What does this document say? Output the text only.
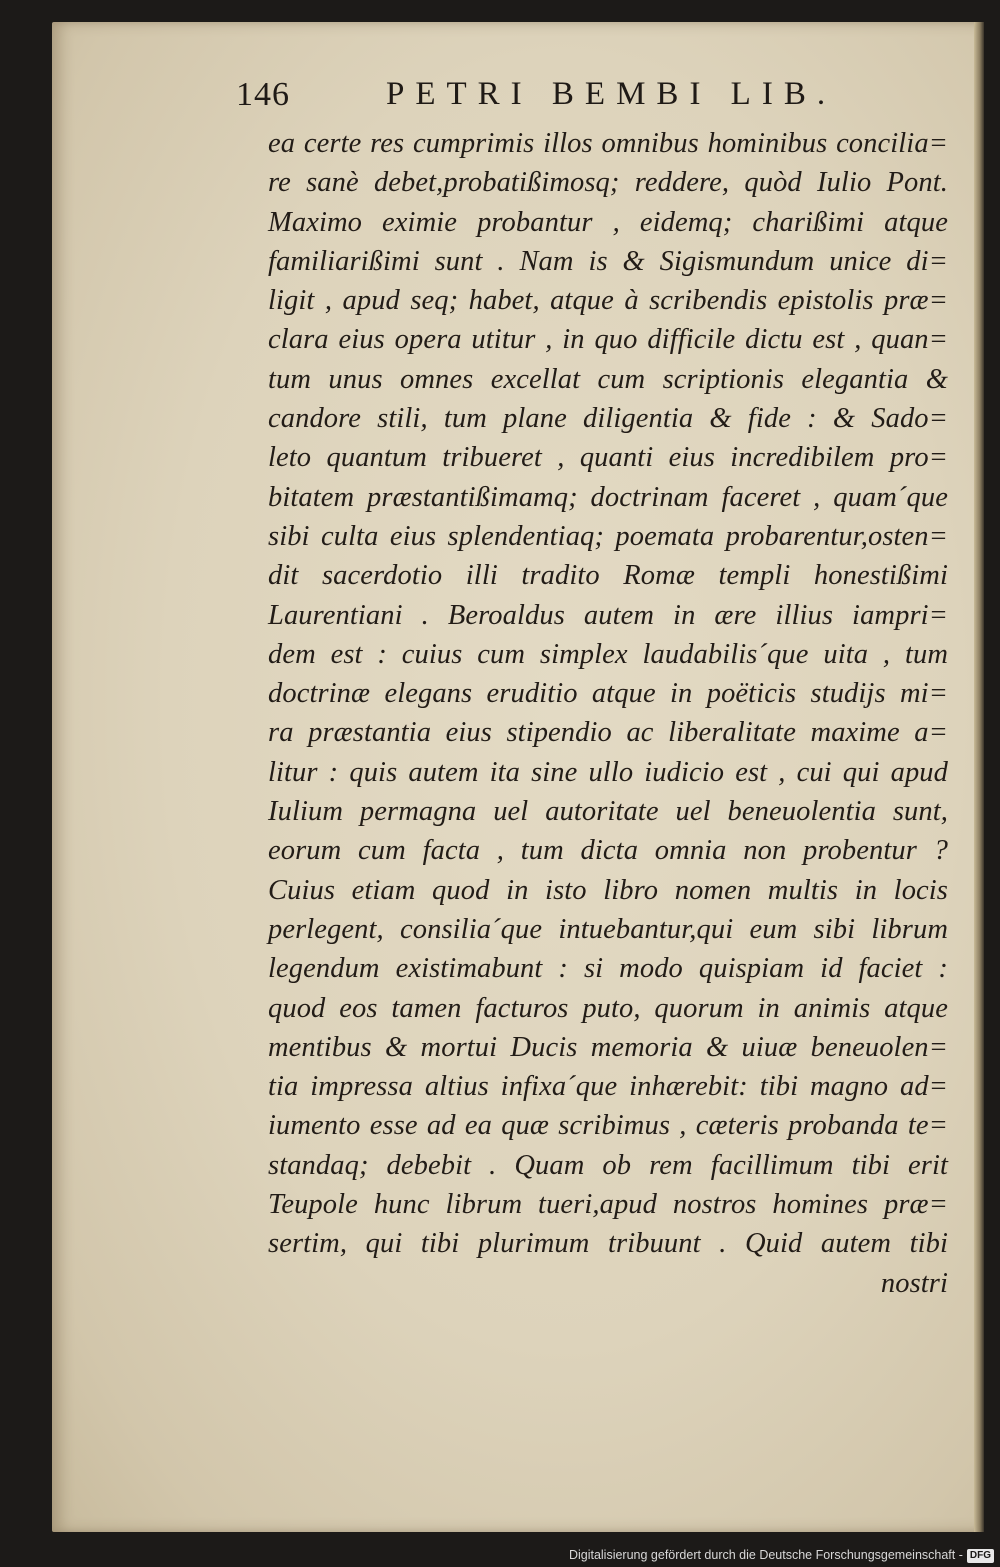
146	PETRI BEMBI LIB.
ea certe res cumprimis illos omnibus hominibus concilia=
re sanè debet,probatißimosq; reddere, quòd Iulio Pont.
Maximo eximie probantur , eidemq; charißimi atque
familiarißimi sunt . Nam is & Sigismundum unice di=
ligit , apud seq; habet, atque à scribendis epistolis præ=
clara eius opera utitur , in quo difficile dictu est , quan=
tum unus omnes excellat cum scriptionis elegantia &
candore stili, tum plane diligentia & fide : & Sado=
leto quantum tribueret , quanti eius incredibilem pro=
bitatem præstantißimamq; doctrinam faceret , quam´que
sibi culta eius splendentiaq; poemata probarentur,osten=
dit sacerdotio illi tradito Romæ templi honestißimi
Laurentiani . Beroaldus autem in ære illius iampri=
dem est : cuius cum simplex laudabilis´que uita , tum
doctrinæ elegans eruditio atque in poëticis studijs mi=
ra præstantia eius stipendio ac liberalitate maxime a=
litur : quis autem ita sine ullo iudicio est , cui qui apud
Iulium permagna uel autoritate uel beneuolentia sunt,
eorum cum facta , tum dicta omnia non probentur ?
Cuius etiam quod in isto libro nomen multis in locis
perlegent, consilia´que intuebantur,qui eum sibi librum
legendum existimabunt : si modo quispiam id faciet :
quod eos tamen facturos puto, quorum in animis atque
mentibus & mortui Ducis memoria & uiuæ beneuolen=
tia impressa altius infixa´que inhærebit: tibi magno ad=
iumento esse ad ea quæ scribimus , cæteris probanda te=
standaq; debebit . Quam ob rem facillimum tibi erit
Teupole hunc librum tueri,apud nostros homines præ=
sertim, qui tibi plurimum tribuunt . Quid autem tibi
nostri
Digitalisierung gefördert durch die Deutsche Forschungsgemeinschaft - DFG
